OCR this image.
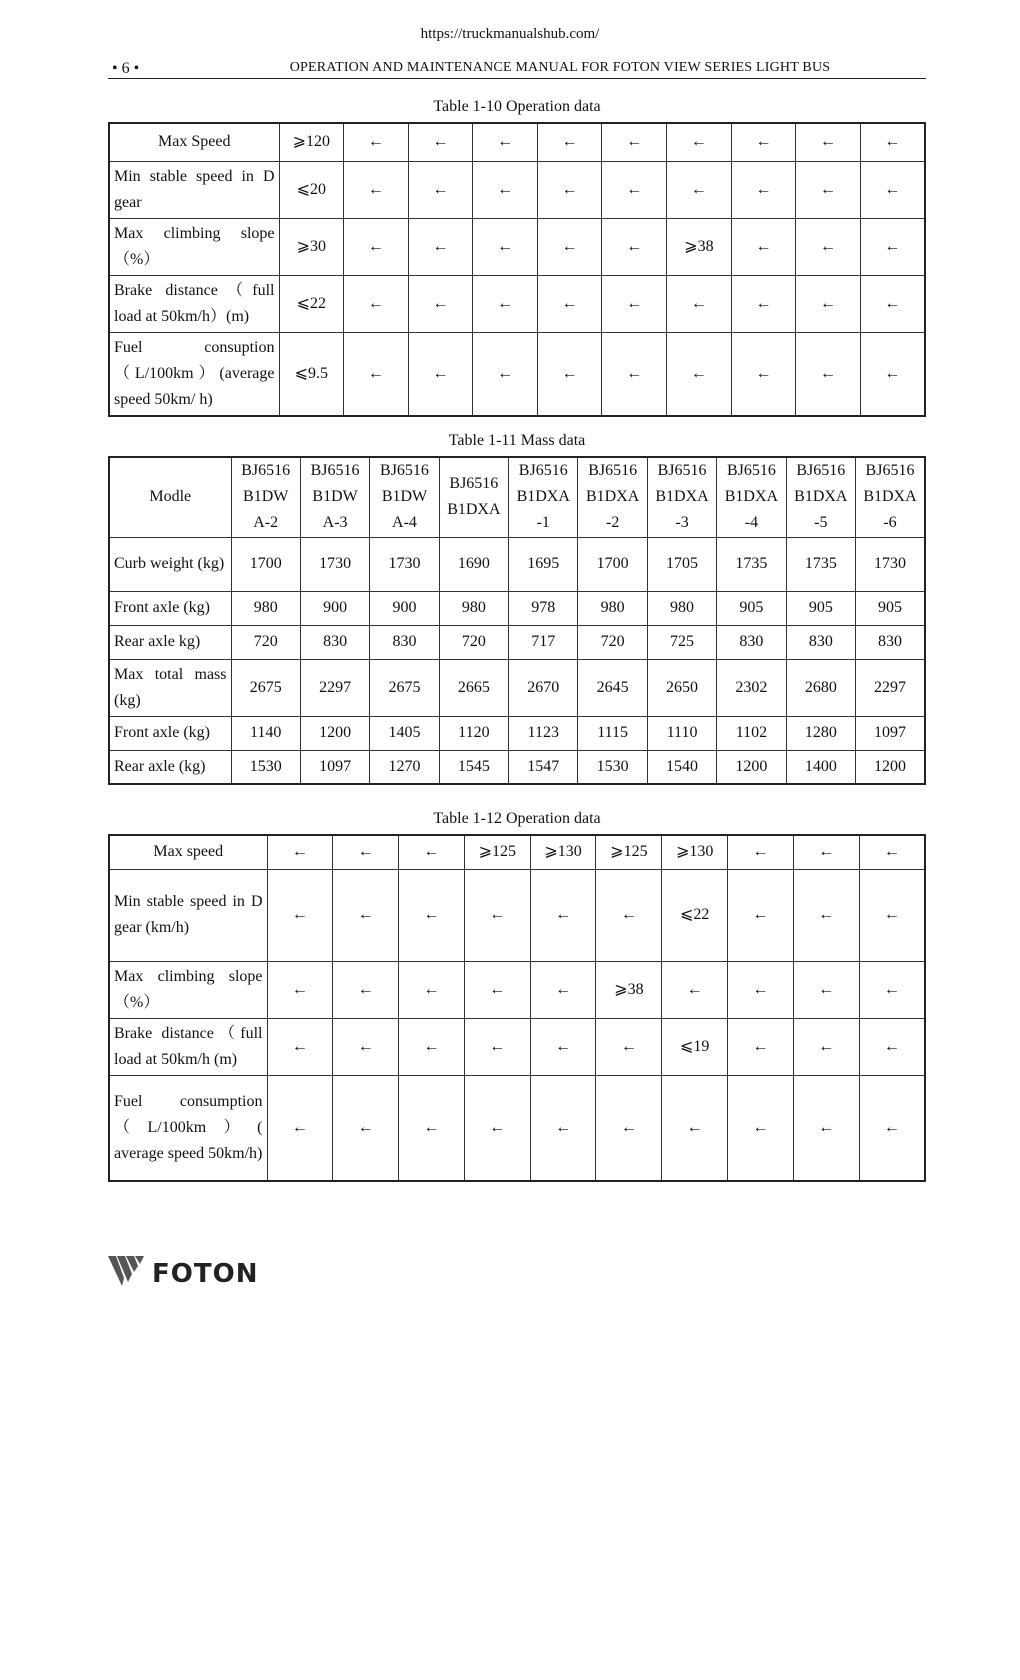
https://truckmanualshub.com/
• 6 •	OPERATION AND MAINTENANCE MANUAL FOR FOTON VIEW SERIES LIGHT BUS
Table 1-10 Operation data
Max Speed	⩾120	←	←	←	←	←	←	←	←	←
Min stable speed in D gear	⩽20	←	←	←	←	←	←	←	←	←
Max climbing slope（%）	⩾30	←	←	←	←	←	⩾38	←	←	←
Brake distance（full load at 50km/h）(m)	⩽22	←	←	←	←	←	←	←	←	←
Fuel consuption（L/100km）(average speed 50km/ h)	⩽9.5	←	←	←	←	←	←	←	←	←
Table 1-11 Mass data
Modle	BJ6516 B1DW A-2	BJ6516 B1DW A-3	BJ6516 B1DW A-4	BJ6516 B1DXA	BJ6516 B1DXA -1	BJ6516 B1DXA -2	BJ6516 B1DXA -3	BJ6516 B1DXA -4	BJ6516 B1DXA -5	BJ6516 B1DXA -6
Curb weight (kg)	1700	1730	1730	1690	1695	1700	1705	1735	1735	1730
Front axle (kg)	980	900	900	980	978	980	980	905	905	905
Rear axle kg)	720	830	830	720	717	720	725	830	830	830
Max total mass (kg)	2675	2297	2675	2665	2670	2645	2650	2302	2680	2297
Front axle (kg)	1140	1200	1405	1120	1123	1115	1110	1102	1280	1097
Rear axle (kg)	1530	1097	1270	1545	1547	1530	1540	1200	1400	1200
Table 1-12 Operation data
Max speed	←	←	←	⩾125	⩾130	⩾125	⩾130	←	←	←
Min stable speed in D gear (km/h)	←	←	←	←	←	←	⩽22	←	←	←
Max climbing slope（%）	←	←	←	←	←	⩾38	←	←	←	←
Brake distance（full load at 50km/h (m)	←	←	←	←	←	←	⩽19	←	←	←
Fuel consumption（L/100km）( average speed 50km/h)	←	←	←	←	←	←	←	←	←	←
FOTON
